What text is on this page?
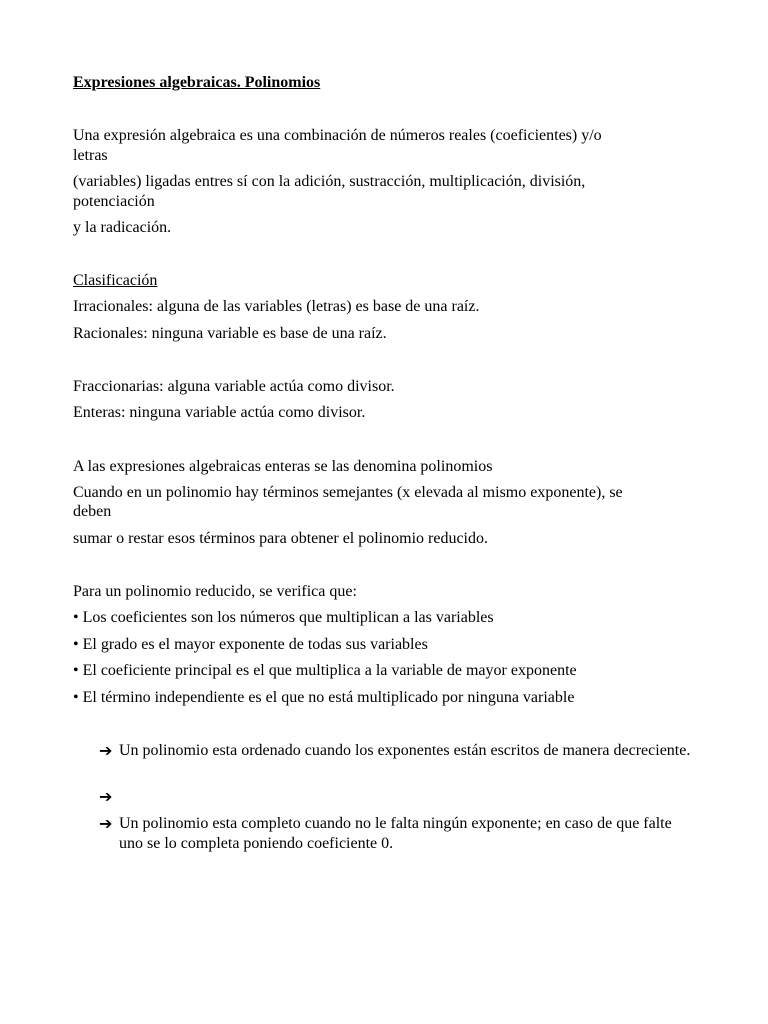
Expresiones algebraicas. Polinomios
Una expresión algebraica es una combinación de números reales (coeficientes) y/o
letras
(variables) ligadas entres sí con la adición, sustracción, multiplicación, división,
potenciación
y la radicación.
Clasificación
Irracionales: alguna de las variables (letras) es base de una raíz.
Racionales: ninguna variable es base de una raíz.
Fraccionarias: alguna variable actúa como divisor.
Enteras: ninguna variable actúa como divisor.
A las expresiones algebraicas enteras se las denomina polinomios
Cuando en un polinomio hay términos semejantes (x elevada al mismo exponente), se
deben
sumar o restar esos términos para obtener el polinomio reducido.
Para un polinomio reducido, se verifica que:
• Los coeficientes son los números que multiplican a las variables
• El grado es el mayor exponente de todas sus variables
• El coeficiente principal es el que multiplica a la variable de mayor exponente
• El término independiente es el que no está multiplicado por ninguna variable
➔ Un polinomio esta ordenado cuando los exponentes están escritos de manera decreciente.
➔
➔ Un polinomio esta completo cuando no le falta ningún exponente; en caso de que falte uno se lo completa poniendo coeficiente 0.
